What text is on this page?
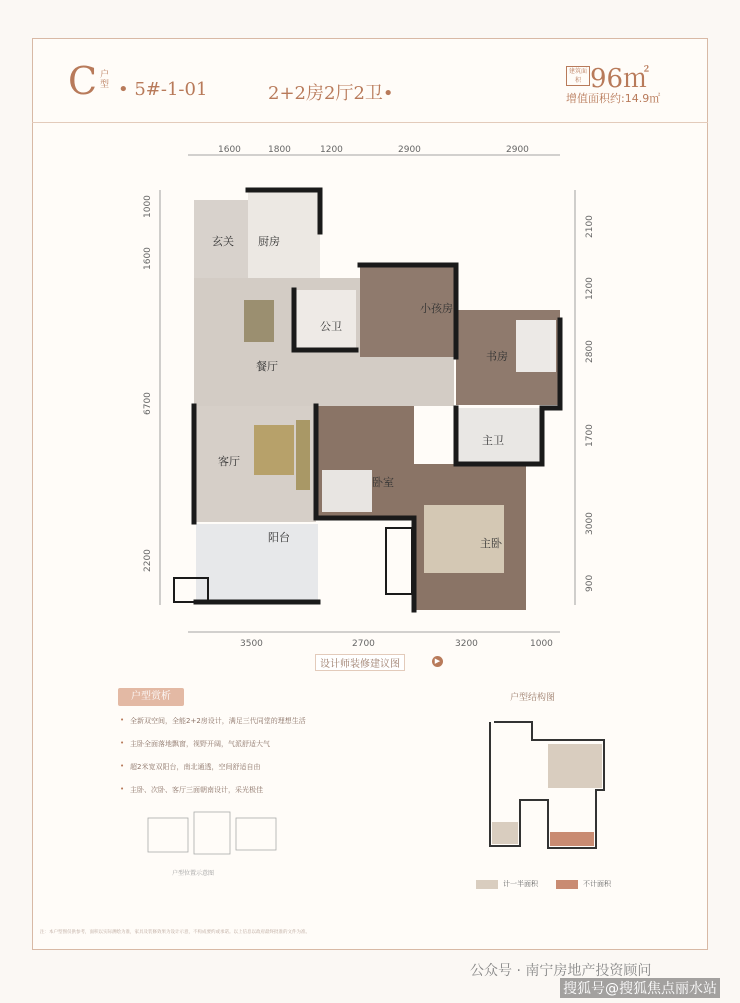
C 户型 • 5#-1-01	2+2房2厅2卫•
建筑面积 96㎡
增值面积约:14.9㎡
1600	1800	1200	2900	2900
3500	2700	3200	1000
1000
1600
6700
2200
2100
1200
2800
1700
3000
900
玄关 厨房
公卫
小孩房
书房
餐厅
客厅
卧室
主卫
主卧
阳台
设计师装修建议图	▶
户型赏析
• 全新双空间，全能2+2房设计，满足三代同堂的理想生活
• 主卧全面落地飘窗，视野开阔，气派舒适大气
• 超2米宽双阳台，南北通透，空间舒适自由
• 主卧、次卧、客厅三面朝南设计，采光极佳
户型位置示意图
户型结构图
计一半面积	不计面积
注：本户型图仅供参考，面积以实际测绘为准，家具及装修效果为设计示意，不构成要约或承诺。以上信息以政府最终批准的文件为准。
公众号 · 南宁房地产投资顾问
搜狐号@搜狐焦点丽水站
